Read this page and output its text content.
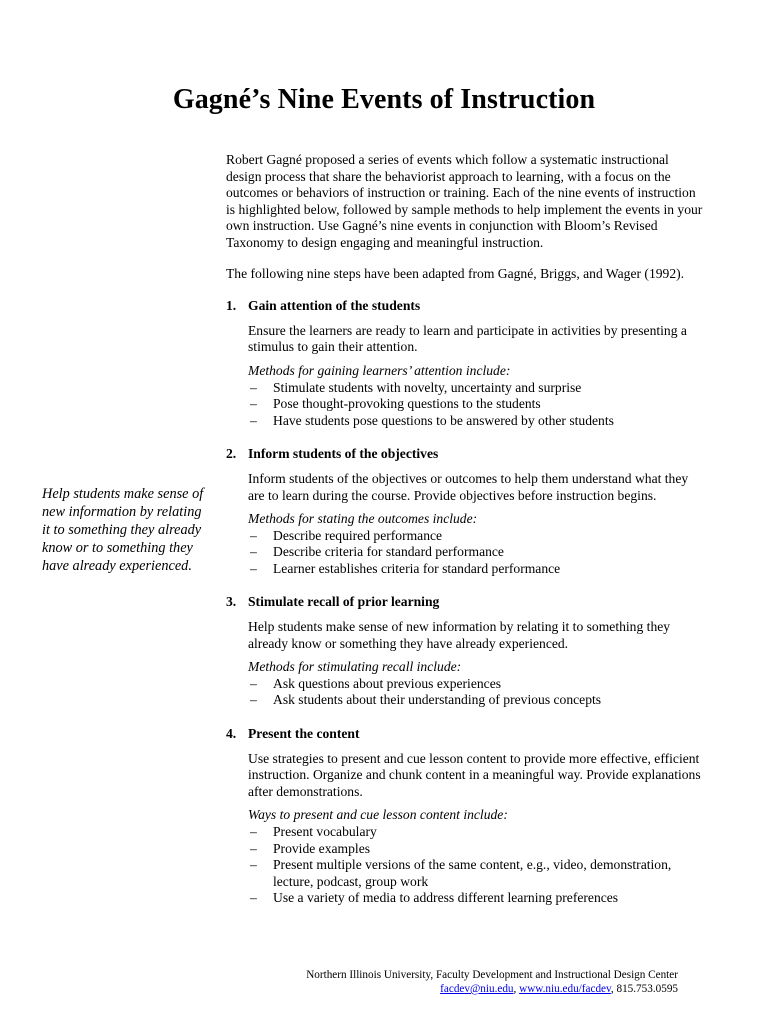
Gagné’s Nine Events of Instruction
Help students make sense of new information by relating it to something they already know or to something they have already experienced.

Robert Gagné proposed a series of events which follow a systematic instructional design process that share the behaviorist approach to learning, with a focus on the outcomes or behaviors of instruction or training. Each of the nine events of instruction is highlighted below, followed by sample methods to help implement the events in your own instruction. Use Gagné’s nine events in conjunction with Bloom’s Revised Taxonomy to design engaging and meaningful instruction.

The following nine steps have been adapted from Gagné, Briggs, and Wager (1992).

1. Gain attention of the students

Ensure the learners are ready to learn and participate in activities by presenting a stimulus to gain their attention.

Methods for gaining learners’ attention include:

–	Stimulate students with novelty, uncertainty and surprise
–	Pose thought-provoking questions to the students
–	Have students pose questions to be answered by other students
2. Inform students of the objectives

Inform students of the objectives or outcomes to help them understand what they are to learn during the course. Provide objectives before instruction begins.

Methods for stating the outcomes include:

–	Describe required performance
–	Describe criteria for standard performance
–	Learner establishes criteria for standard performance
3. Stimulate recall of prior learning

Help students make sense of new information by relating it to something they already know or something they have already experienced.

Methods for stimulating recall include:

–	Ask questions about previous experiences
–	Ask students about their understanding of previous concepts
4. Present the content

Use strategies to present and cue lesson content to provide more effective, efficient instruction. Organize and chunk content in a meaningful way. Provide explanations after demonstrations.

Ways to present and cue lesson content include:

–	Present vocabulary
–	Provide examples
–	Present multiple versions of the same content, e.g., video, demonstration, lecture, podcast, group work
–	Use a variety of media to address different learning preferences
Northern Illinois University, Faculty Development and Instructional Design Center
facdev@niu.edu, www.niu.edu/facdev, 815.753.0595
